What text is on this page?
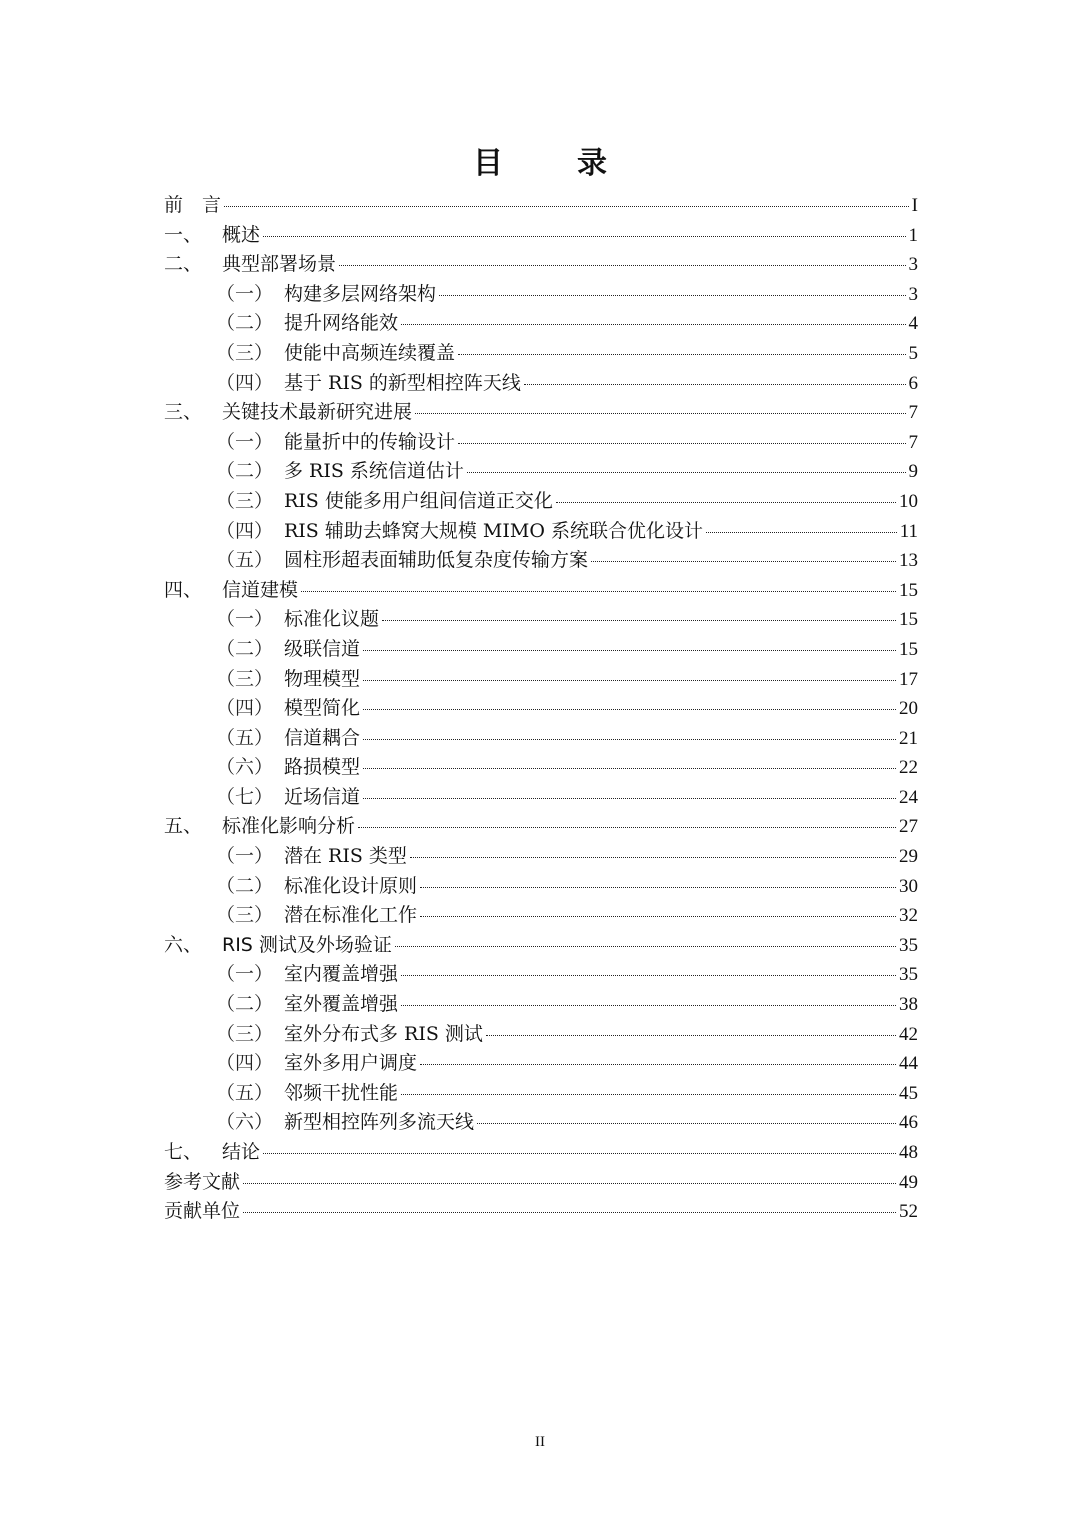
目　录
前　言	I
一、	概述	1
二、	典型部署场景	3
（一） 构建多层网络架构	3
（二） 提升网络能效	4
（三） 使能中高频连续覆盖	5
（四） 基于 RIS 的新型相控阵天线	6
三、	关键技术最新研究进展	7
（一） 能量折中的传输设计	7
（二） 多 RIS 系统信道估计	9
（三） RIS 使能多用户组间信道正交化	10
（四） RIS 辅助去蜂窝大规模 MIMO 系统联合优化设计	11
（五） 圆柱形超表面辅助低复杂度传输方案	13
四、	信道建模	15
（一） 标准化议题	15
（二） 级联信道	15
（三） 物理模型	17
（四） 模型简化	20
（五） 信道耦合	21
（六） 路损模型	22
（七） 近场信道	24
五、	标准化影响分析	27
（一） 潜在 RIS 类型	29
（二） 标准化设计原则	30
（三） 潜在标准化工作	32
六、	RIS 测试及外场验证	35
（一） 室内覆盖增强	35
（二） 室外覆盖增强	38
（三） 室外分布式多 RIS 测试	42
（四） 室外多用户调度	44
（五） 邻频干扰性能	45
（六） 新型相控阵列多流天线	46
七、	结论	48
参考文献	49
贡献单位	52
II
